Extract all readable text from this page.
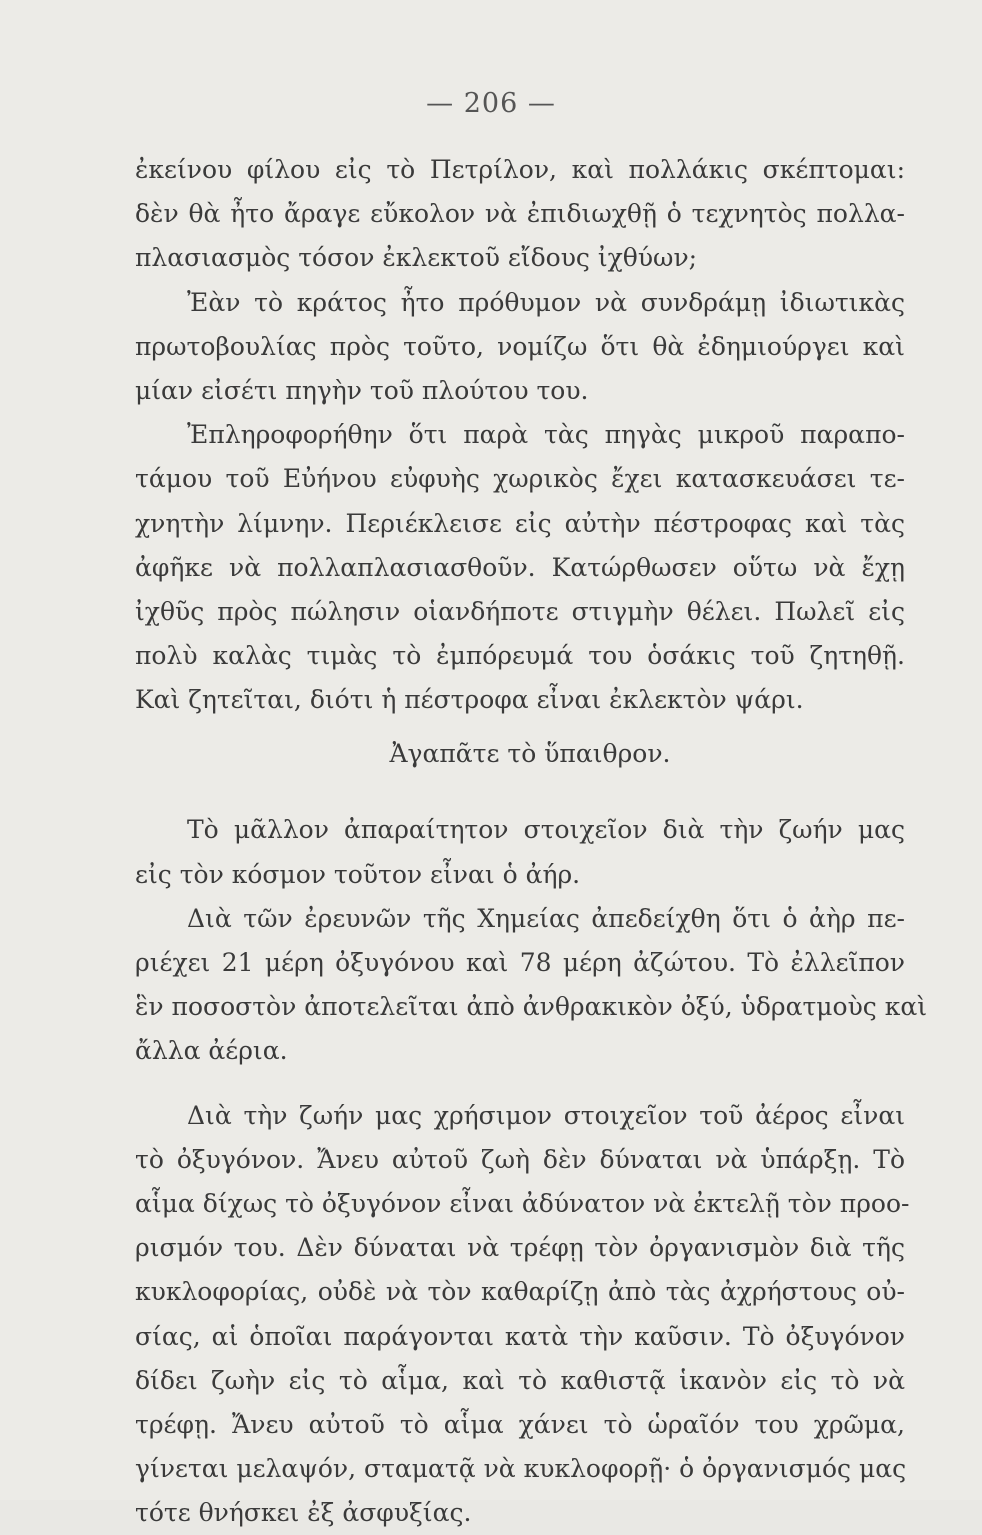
— 206 —
ἐκείνου φίλου εἰς τὸ Πετρίλον, καὶ πολλάκις σκέπτομαι:
δὲν θὰ ἦτο ἄραγε εὔκολον νὰ ἐπιδιωχθῇ ὁ τεχνητὸς πολλα-
πλασιασμὸς τόσον ἐκλεκτοῦ εἴδους ἰχθύων;
Ἐὰν τὸ κράτος ἦτο πρόθυμον νὰ συνδράμῃ ἰδιωτικὰς
πρωτοβουλίας πρὸς τοῦτο, νομίζω ὅτι θὰ ἐδημιούργει καὶ
μίαν εἰσέτι πηγὴν τοῦ πλούτου του.
Ἐπληροφορήθην ὅτι παρὰ τὰς πηγὰς μικροῦ παραπο-
τάμου τοῦ Εὐήνου εὐφυὴς χωρικὸς ἔχει κατασκευάσει τε-
χνητὴν λίμνην. Περιέκλεισε εἰς αὐτὴν πέστροφας καὶ τὰς
ἀφῆκε νὰ πολλαπλασιασθοῦν. Κατώρθωσεν οὕτω νὰ ἔχῃ
ἰχθῦς πρὸς πώλησιν οἱανδήποτε στιγμὴν θέλει. Πωλεῖ εἰς
πολὺ καλὰς τιμὰς τὸ ἐμπόρευμά του ὁσάκις τοῦ ζητηθῇ.
Καὶ ζητεῖται, διότι ἡ πέστροφα εἶναι ἐκλεκτὸν ψάρι.
Ἀγαπᾶτε τὸ ὕπαιθρον.
Τὸ μᾶλλον ἀπαραίτητον στοιχεῖον διὰ τὴν ζωήν μας
εἰς τὸν κόσμον τοῦτον εἶναι ὁ ἀήρ.
Διὰ τῶν ἐρευνῶν τῆς Χημείας ἀπεδείχθη ὅτι ὁ ἀὴρ πε-
ριέχει 21 μέρη ὀξυγόνου καὶ 78 μέρη ἀζώτου. Τὸ ἐλλεῖπον
ἓν ποσοστὸν ἀποτελεῖται ἀπὸ ἀνθρακικὸν ὀξύ, ὑδρατμοὺς καὶ
ἄλλα ἀέρια.
Διὰ τὴν ζωήν μας χρήσιμον στοιχεῖον τοῦ ἀέρος εἶναι
τὸ ὀξυγόνον. Ἄνευ αὐτοῦ ζωὴ δὲν δύναται νὰ ὑπάρξῃ. Τὸ
αἷμα δίχως τὸ ὀξυγόνον εἶναι ἀδύνατον νὰ ἐκτελῇ τὸν προο-
ρισμόν του. Δὲν δύναται νὰ τρέφῃ τὸν ὀργανισμὸν διὰ τῆς
κυκλοφορίας, οὐδὲ νὰ τὸν καθαρίζῃ ἀπὸ τὰς ἀχρήστους οὐ-
σίας, αἱ ὁποῖαι παράγονται κατὰ τὴν καῦσιν. Τὸ ὀξυγόνον
δίδει ζωὴν εἰς τὸ αἷμα, καὶ τὸ καθιστᾷ ἱκανὸν εἰς τὸ νὰ
τρέφῃ. Ἄνευ αὐτοῦ τὸ αἷμα χάνει τὸ ὡραῖόν του χρῶμα,
γίνεται μελαψόν, σταματᾷ νὰ κυκλοφορῇ· ὁ ὀργανισμός μας
τότε θνήσκει ἐξ ἀσφυξίας.
